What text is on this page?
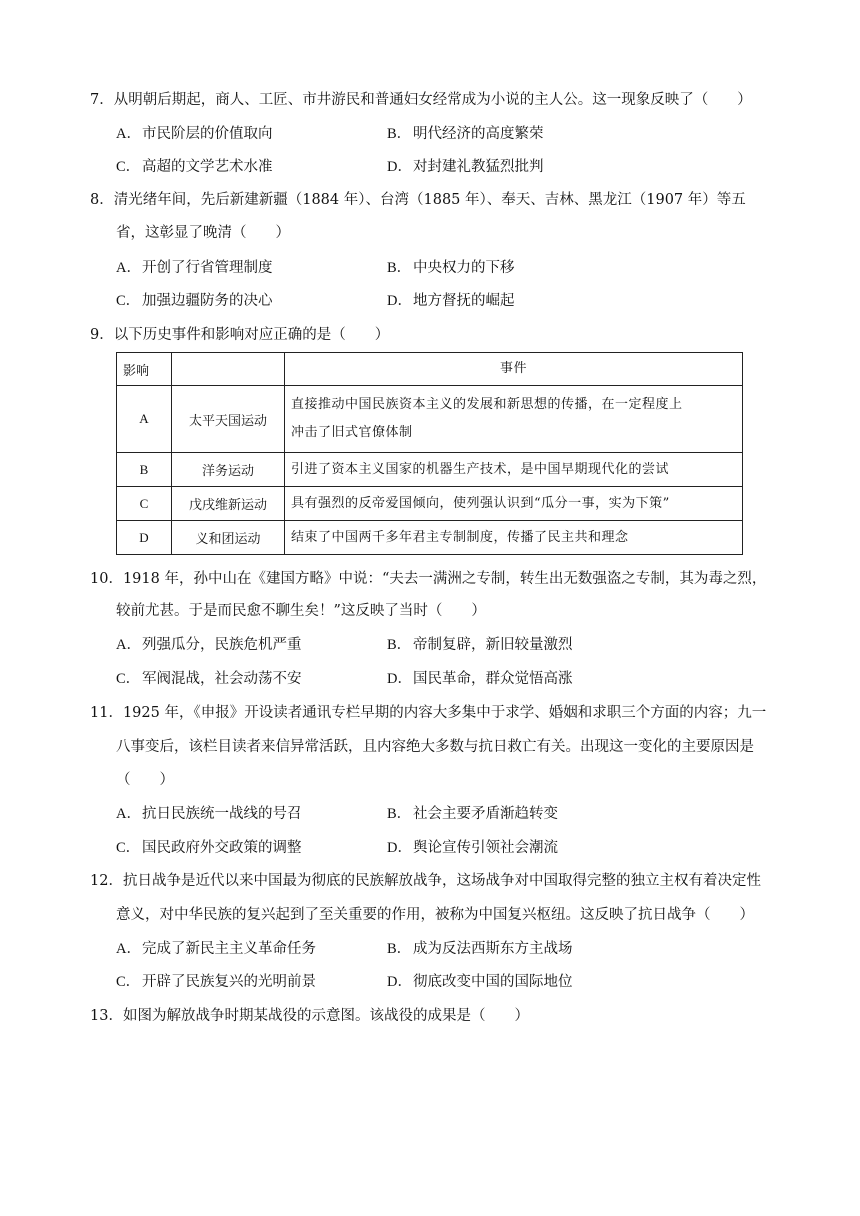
7．从明朝后期起，商人、工匠、市井游民和普通妇女经常成为小说的主人公。这一现象反映了（　　）
A．市民阶层的价值取向	B． 明代经济的高度繁荣
C． 高超的文学艺术水准	D．对封建礼教猛烈批判
8．清光绪年间，先后新建新疆（1884 年）、台湾（1885 年）、奉天、吉林、黑龙江（1907 年）等五
省，这彰显了晚清（　　）
A．开创了行省管理制度	B． 中央权力的下移
C． 加强边疆防务的决心	D．地方督抚的崛起
9．以下历史事件和影响对应正确的是（　　）
影响		事件
A	太平天国运动	直接推动中国民族资本主义的发展和新思想的传播，在一定程度上
冲击了旧式官僚体制
B	洋务运动	引进了资本主义国家的机器生产技术，是中国早期现代化的尝试
C	戊戌维新运动	具有强烈的反帝爱国倾向，使列强认识到“瓜分一事，实为下策”
D	义和团运动	结束了中国两千多年君主专制制度，传播了民主共和理念
10．1918 年，孙中山在《建国方略》中说：“夫去一满洲之专制，转生出无数强盗之专制，其为毒之烈，
较前尤甚。于是而民愈不聊生矣！”这反映了当时（　　）
A．列强瓜分，民族危机严重	B． 帝制复辟，新旧较量激烈
C． 军阀混战，社会动荡不安	D．国民革命，群众觉悟高涨
11．1925 年，《申报》开设读者通讯专栏早期的内容大多集中于求学、婚姻和求职三个方面的内容；九一
八事变后，该栏目读者来信异常活跃，且内容绝大多数与抗日救亡有关。出现这一变化的主要原因是
（　　）
A．抗日民族统一战线的号召	B． 社会主要矛盾渐趋转变
C． 国民政府外交政策的调整	D．舆论宣传引领社会潮流
12．抗日战争是近代以来中国最为彻底的民族解放战争，这场战争对中国取得完整的独立主权有着决定性
意义，对中华民族的复兴起到了至关重要的作用，被称为中国复兴枢纽。这反映了抗日战争（　　）
A．完成了新民主主义革命任务	B． 成为反法西斯东方主战场
C． 开辟了民族复兴的光明前景	D．彻底改变中国的国际地位
13．如图为解放战争时期某战役的示意图。该战役的成果是（　　）
